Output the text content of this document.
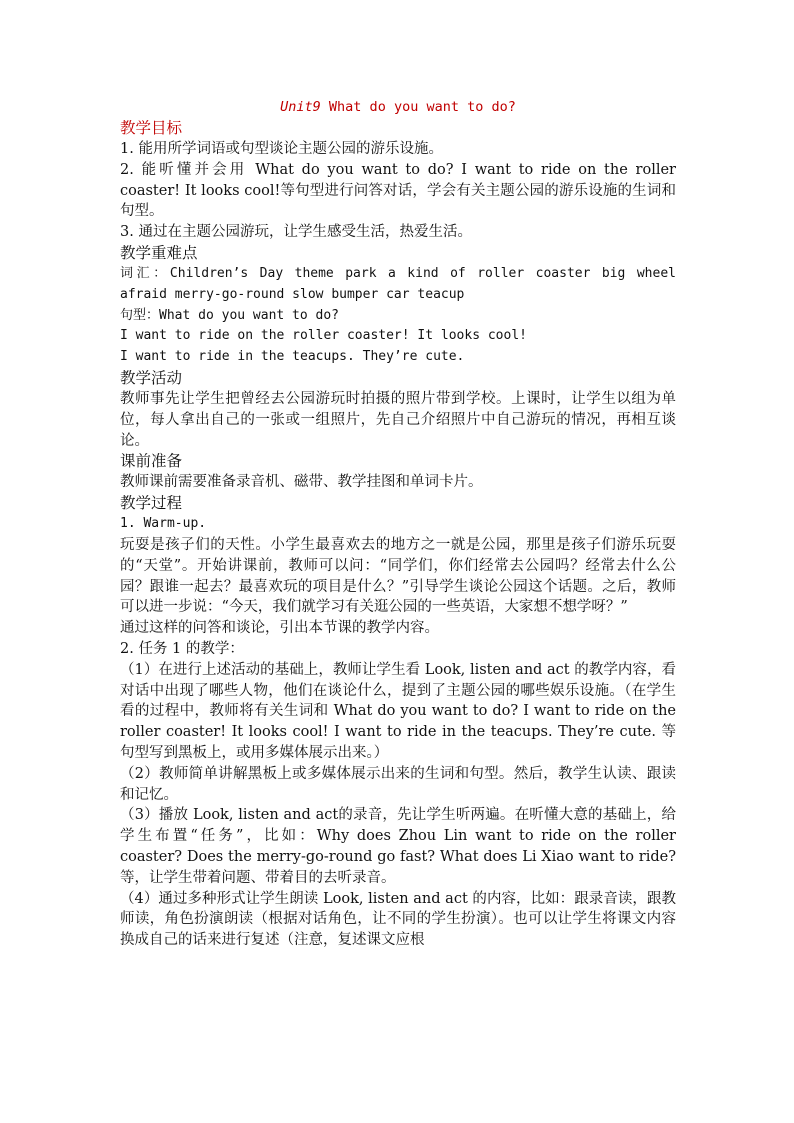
Unit9 What do you want to do?
教学目标

1. 能用所学词语或句型谈论主题公园的游乐设施。

2. 能听懂并会用 What do you want to do? I want to ride on the roller coaster! It looks cool!等句型进行问答对话，学会有关主题公园的游乐设施的生词和句型。

3. 通过在主题公园游玩，让学生感受生活，热爱生活。

教学重难点

词汇：Children’s Day theme park a kind of roller coaster big wheel afraid merry-go-round slow bumper car teacup

句型：What do you want to do?

I want to ride on the roller coaster! It looks cool!

I want to ride in the teacups. They’re cute.

教学活动

教师事先让学生把曾经去公园游玩时拍摄的照片带到学校。上课时，让学生以组为单位，每人拿出自己的一张或一组照片，先自己介绍照片中自己游玩的情况，再相互谈论。

课前准备

教师课前需要准备录音机、磁带、教学挂图和单词卡片。

教学过程

1. Warm-up.

玩耍是孩子们的天性。小学生最喜欢去的地方之一就是公园，那里是孩子们游乐玩耍的“天堂”。开始讲课前，教师可以问：“同学们，你们经常去公园吗？经常去什么公园？跟谁一起去？最喜欢玩的项目是什么？”引导学生谈论公园这个话题。之后，教师可以进一步说：“今天，我们就学习有关逛公园的一些英语，大家想不想学呀？”

通过这样的问答和谈论，引出本节课的教学内容。

2. 任务 1 的教学：

（1）在进行上述活动的基础上，教师让学生看 Look, listen and act 的教学内容，看对话中出现了哪些人物，他们在谈论什么，提到了主题公园的哪些娱乐设施。（在学生看的过程中，教师将有关生词和 What do you want to do? I want to ride on the roller coaster! It looks cool! I want to ride in the teacups. They’re cute. 等句型写到黑板上，或用多媒体展示出来。）

（2）教师简单讲解黑板上或多媒体展示出来的生词和句型。然后，教学生认读、跟读和记忆。

（3）播放 Look, listen and act的录音，先让学生听两遍。在听懂大意的基础上，给学生布置“任务”，比如：Why does Zhou Lin want to ride on the roller coaster? Does the merry-go-round go fast? What does Li Xiao want to ride? 等，让学生带着问题、带着目的去听录音。

（4）通过多种形式让学生朗读 Look, listen and act 的内容，比如：跟录音读，跟教师读，角色扮演朗读（根据对话角色，让不同的学生扮演）。也可以让学生将课文内容换成自己的话来进行复述（注意，复述课文应根
